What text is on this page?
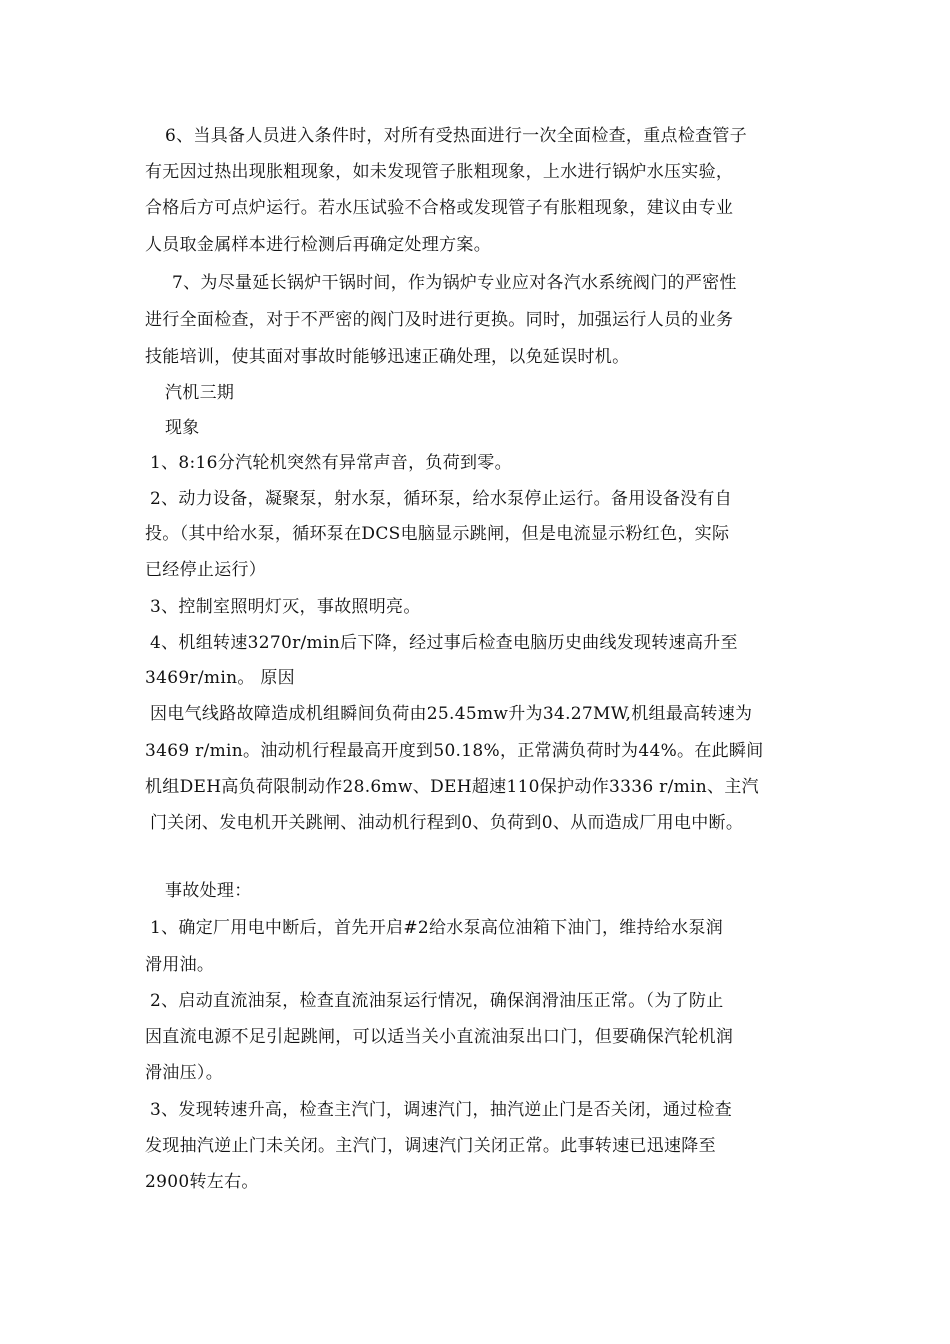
6、当具备人员进入条件时，对所有受热面进行一次全面检查，重点检查管子
有无因过热出现胀粗现象，如未发现管子胀粗现象，上水进行锅炉水压实验，
合格后方可点炉运行。若水压试验不合格或发现管子有胀粗现象，建议由专业
人员取金属样本进行检测后再确定处理方案。
7、为尽量延长锅炉干锅时间，作为锅炉专业应对各汽水系统阀门的严密性
进行全面检查，对于不严密的阀门及时进行更换。同时，加强运行人员的业务
技能培训，使其面对事故时能够迅速正确处理，以免延误时机。
汽机三期
现象
1、8:16分汽轮机突然有异常声音，负荷到零。
2、动力设备，凝聚泵，射水泵，循环泵，给水泵停止运行。备用设备没有自
投。（其中给水泵，循环泵在DCS电脑显示跳闸，但是电流显示粉红色，实际
已经停止运行）
3、控制室照明灯灭，事故照明亮。
4、机组转速3270r/min后下降，经过事后检查电脑历史曲线发现转速高升至
3469r/min。 原因
因电气线路故障造成机组瞬间负荷由25.45mw升为34.27MW,机组最高转速为
3469 r/min。油动机行程最高开度到50.18%，正常满负荷时为44%。在此瞬间
机组DEH高负荷限制动作28.6mw、DEH超速110保护动作3336 r/min、主汽
门关闭、发电机开关跳闸、油动机行程到0、负荷到0、从而造成厂用电中断。
事故处理：
1、确定厂用电中断后，首先开启#2给水泵高位油箱下油门，维持给水泵润
滑用油。
2、启动直流油泵，检查直流油泵运行情况，确保润滑油压正常。（为了防止
因直流电源不足引起跳闸，可以适当关小直流油泵出口门，但要确保汽轮机润
滑油压）。
3、发现转速升高，检查主汽门，调速汽门，抽汽逆止门是否关闭，通过检查
发现抽汽逆止门未关闭。主汽门，调速汽门关闭正常。此事转速已迅速降至
2900转左右。
